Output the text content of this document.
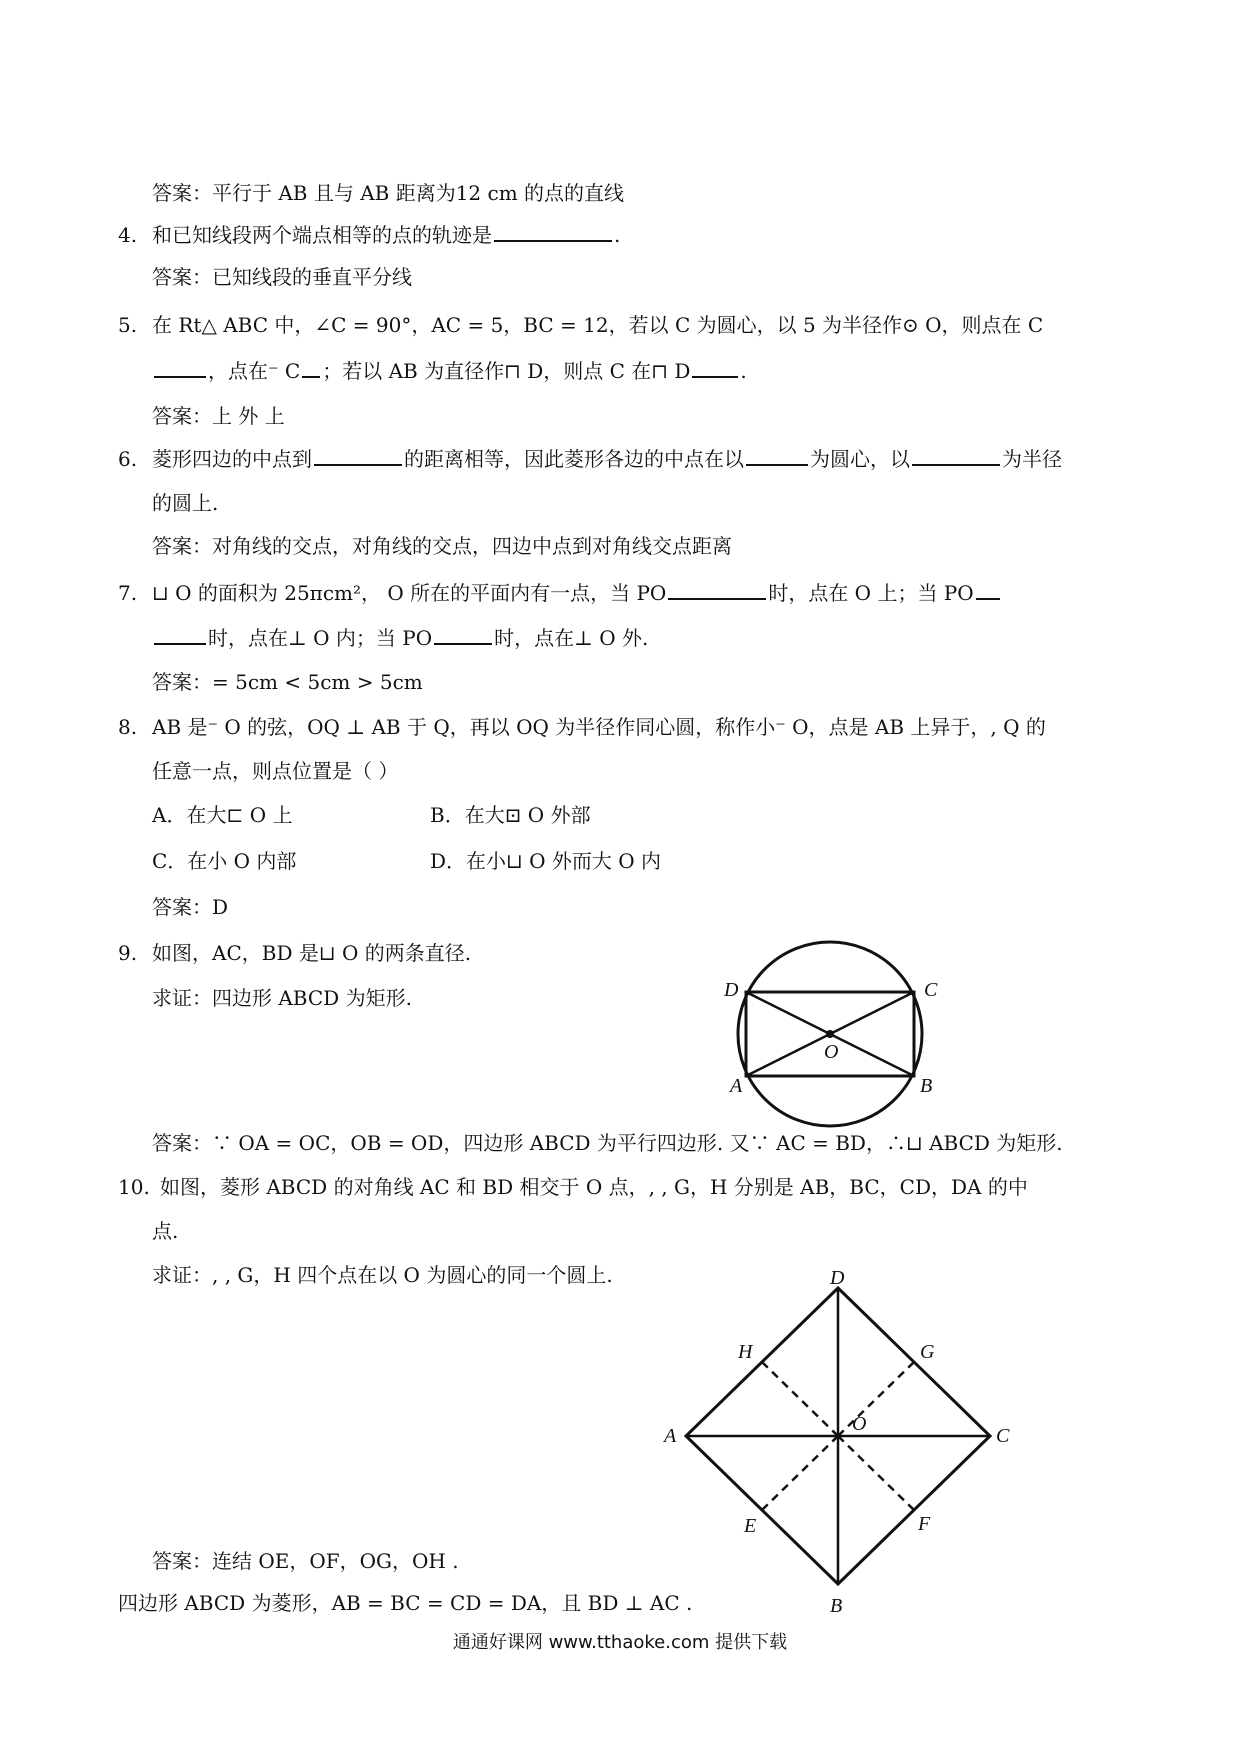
答案：平行于 AB 且与 AB 距离为12 cm 的点的直线
4. 和已知线段两个端点相等的点的轨迹是	.
答案：已知线段的垂直平分线
5. 在 Rt△ ABC 中，∠C = 90°，AC = 5，BC = 12，若以 C 为圆心，以 5 为半径作⊙ O，则点在 C
，点在⁻ C ；若以 AB 为直径作⊓ D，则点 C 在⊓ D	.
答案：上 外 上
6. 菱形四边的中点到	的距离相等，因此菱形各边的中点在以	为圆心，以	为半径
的圆上.
答案：对角线的交点，对角线的交点，四边中点到对角线交点距离
7. ⊔ O 的面积为 25πcm²， O 所在的平面内有一点，当 PO	时，点在 O 上；当 PO
时，点在⊥ O 内；当 PO	时，点在⊥ O 外.
答案：= 5cm < 5cm > 5cm
8. AB 是⁻ O 的弦，OQ ⊥ AB 于 Q，再以 OQ 为半径作同心圆，称作小⁻ O，点是 AB 上异于，, Q 的
任意一点，则点位置是（ ）
A．在大⊏ O 上	B．在大⊡ O 外部
C．在小 O 内部	D．在小⊔ O 外而大 O 内
答案：D
9. 如图，AC，BD 是⊔ O 的两条直径.
求证：四边形 ABCD 为矩形.	D	C
O
A	B
答案：∵ OA = OC，OB = OD，四边形 ABCD 为平行四边形. 又∵ AC = BD，∴⊔ ABCD 为矩形.
10. 如图，菱形 ABCD 的对角线 AC 和 BD 相交于 O 点，, , G，H 分别是 AB，BC，CD，DA 的中
点.
求证：, , G，H 四个点在以 O 为圆心的同一个圆上.	D
H	G
A
O
C
E	F
B
答案：连结 OE，OF，OG，OH .
四边形 ABCD 为菱形，AB = BC = CD = DA，且 BD ⊥ AC .
通通好课网 www.tthaoke.com 提供下载
